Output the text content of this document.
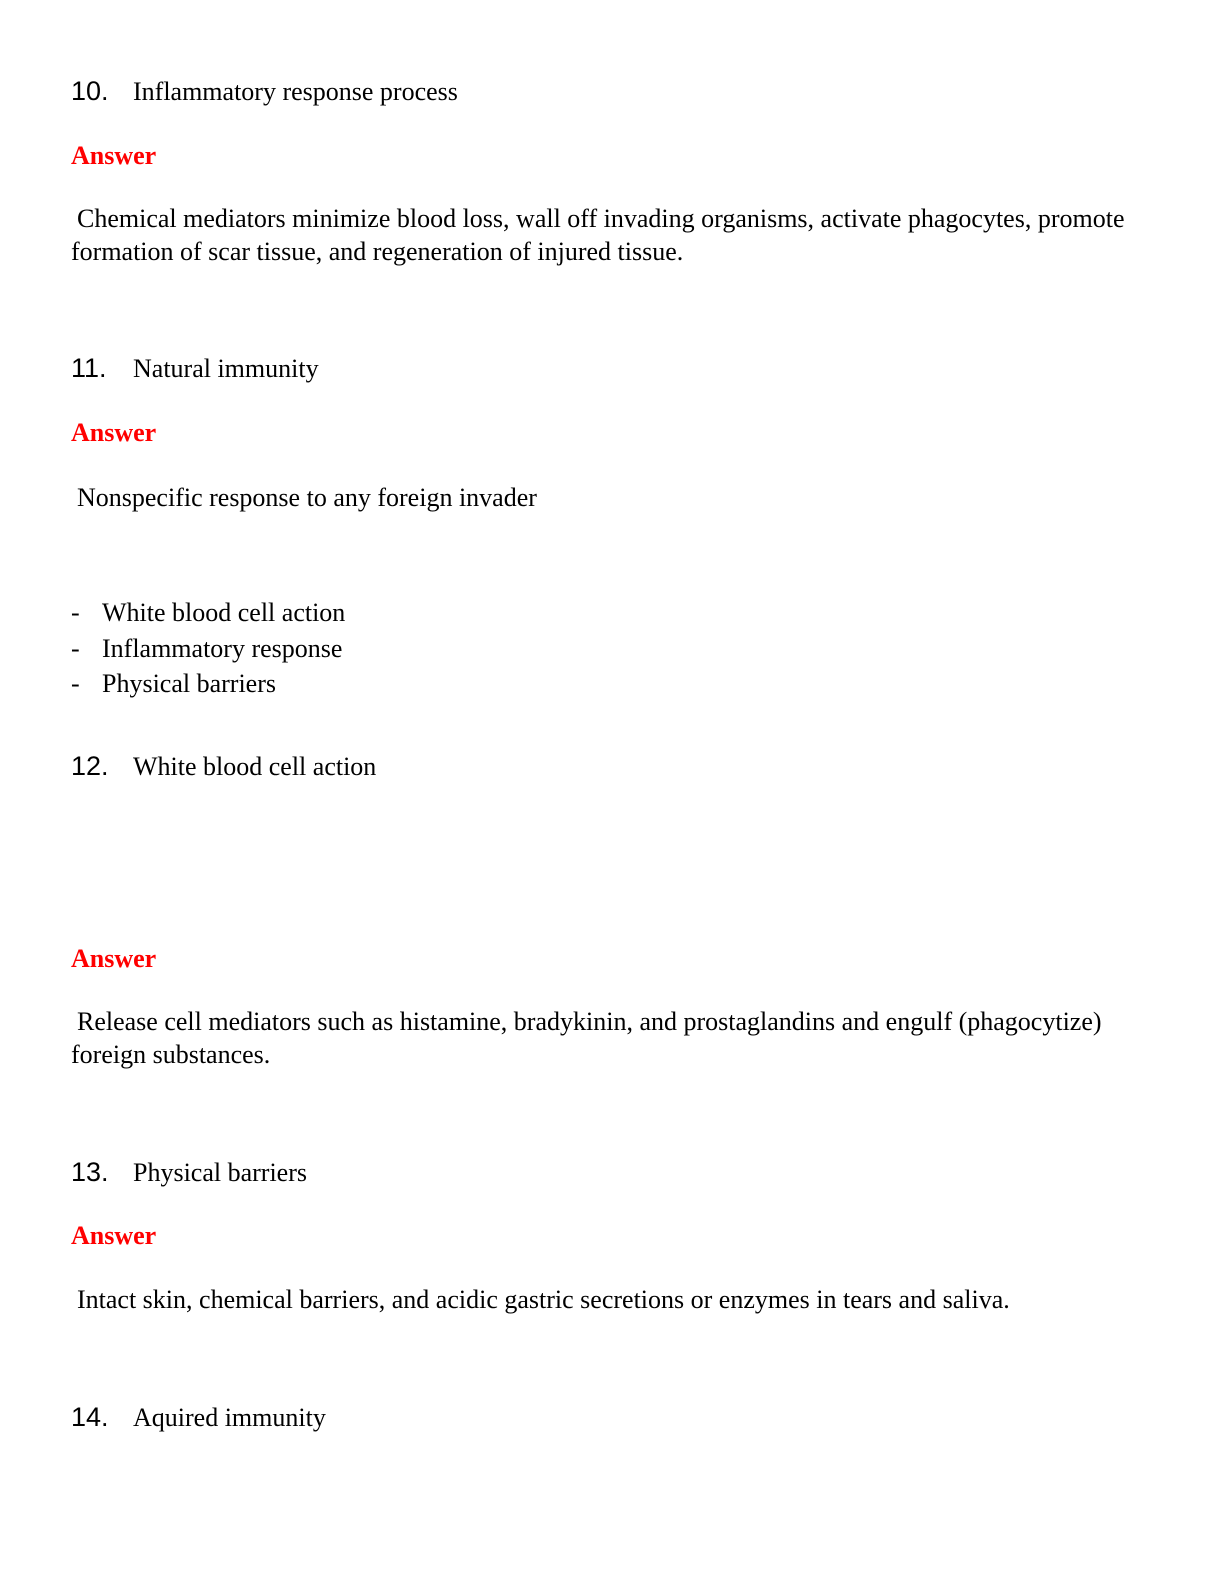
10. Inflammatory response process
Answer
Chemical mediators minimize blood loss, wall off invading organisms, activate phagocytes, promote formation of scar tissue, and regeneration of injured tissue.
11. Natural immunity
Answer
Nonspecific response to any foreign invader
- White blood cell action
- Inflammatory response
- Physical barriers
12. White blood cell action
Answer
Release cell mediators such as histamine, bradykinin, and prostaglandins and engulf (phagocytize) foreign substances.
13. Physical barriers
Answer
Intact skin, chemical barriers, and acidic gastric secretions or enzymes in tears and saliva.
14. Aquired immunity
